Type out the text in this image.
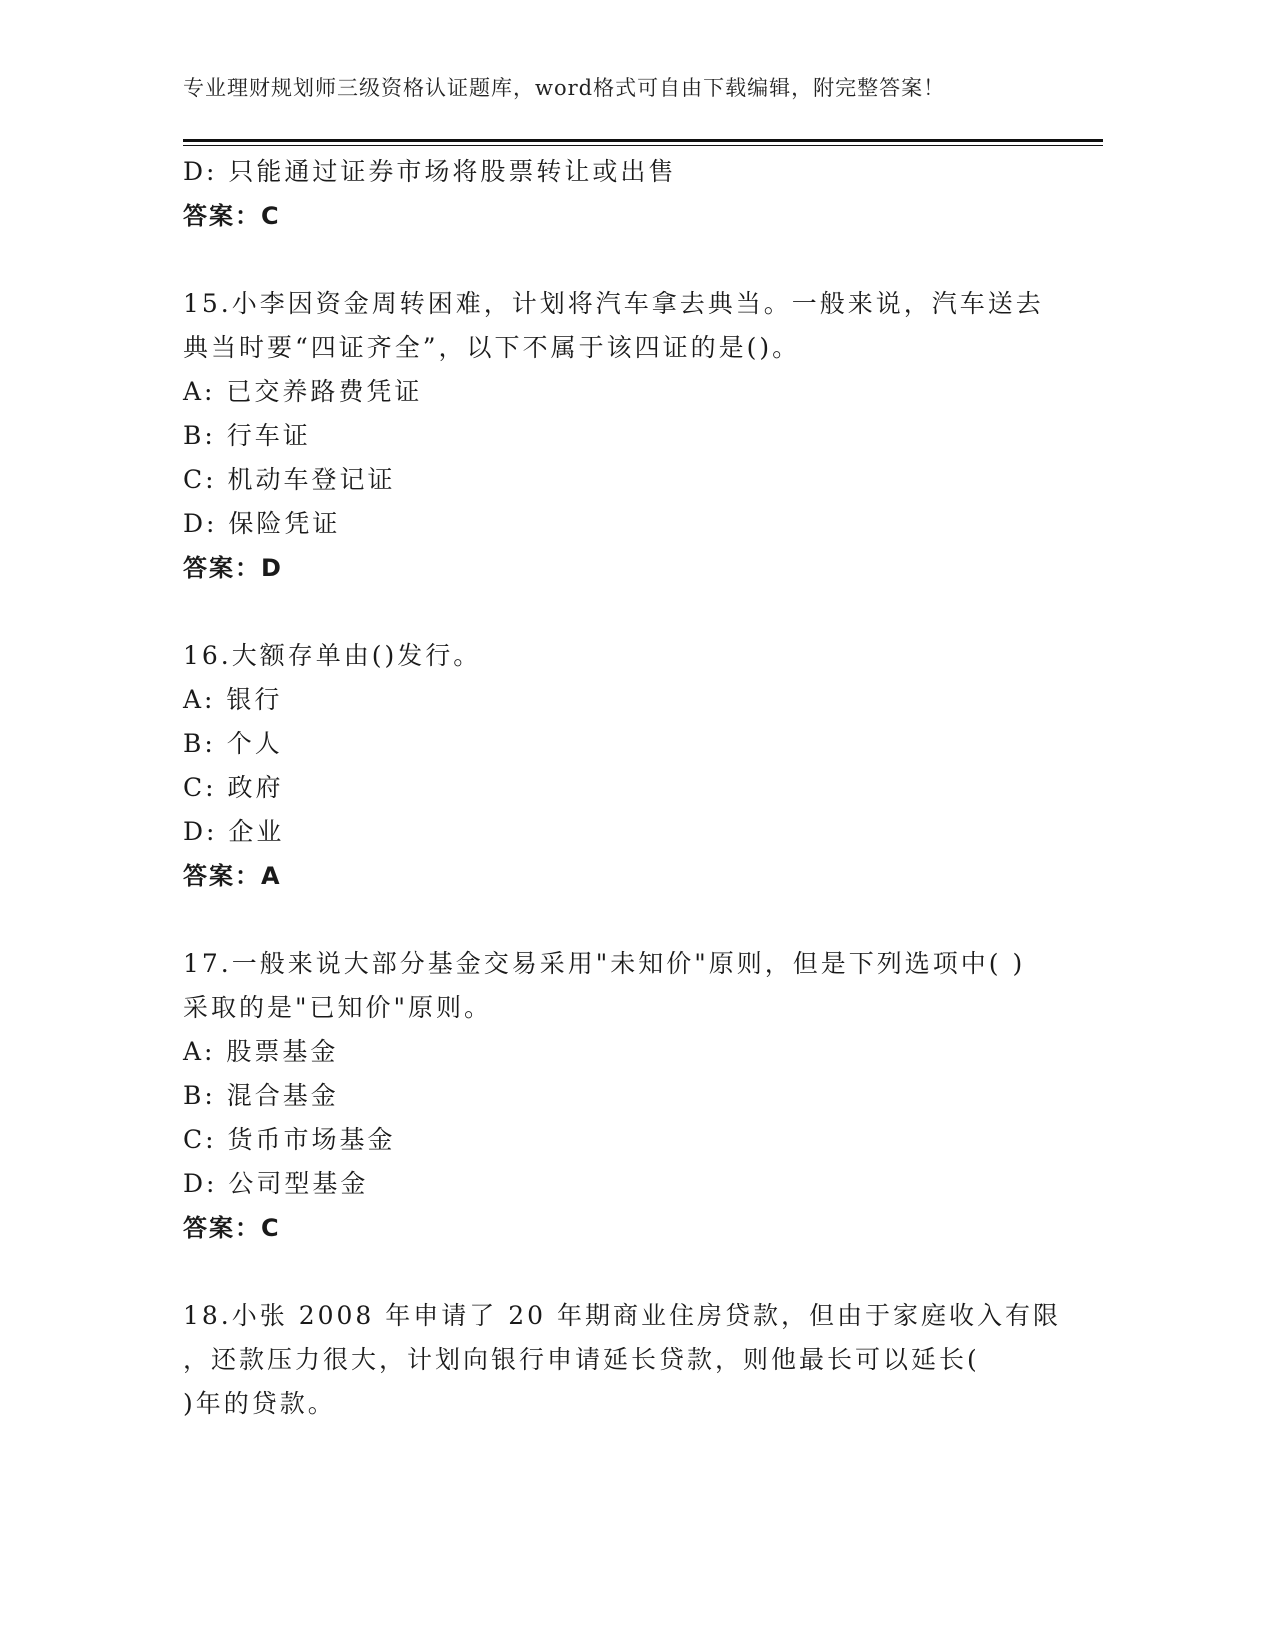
专业理财规划师三级资格认证题库，word格式可自由下载编辑，附完整答案！
D: 只能通过证券市场将股票转让或出售
答案：C
15.小李因资金周转困难，计划将汽车拿去典当。一般来说，汽车送去
典当时要“四证齐全”，以下不属于该四证的是()。
A: 已交养路费凭证
B: 行车证
C: 机动车登记证
D: 保险凭证
答案：D
16.大额存单由()发行。
A: 银行
B: 个人
C: 政府
D: 企业
答案：A
17.一般来说大部分基金交易采用"未知价"原则，但是下列选项中( )
采取的是"已知价"原则。
A: 股票基金
B: 混合基金
C: 货币市场基金
D: 公司型基金
答案：C
18.小张 2008 年申请了 20 年期商业住房贷款，但由于家庭收入有限
，还款压力很大，计划向银行申请延长贷款，则他最长可以延长(
)年的贷款。
